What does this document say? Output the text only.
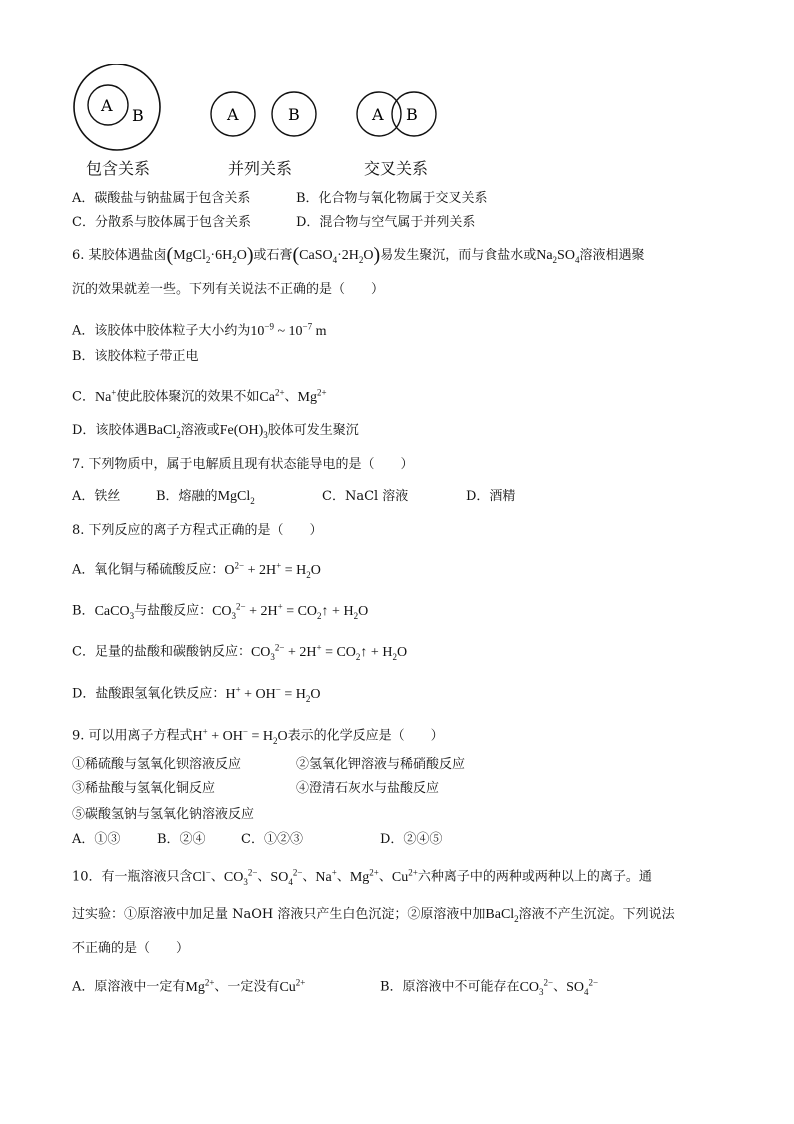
A
B	A	B	A B
包含关系	并列关系	交叉关系
A．碳酸盐与钠盐属于包含关系	B．化合物与氧化物属于交叉关系
C．分散系与胶体属于包含关系	D．混合物与空气属于并列关系
6. 某胶体遇盐卤$(MgCl_2\cdot 6H_2O)$或石膏$(CaSO_4\cdot 2H_2O)$易发生聚沉，而与食盐水或$Na_2SO_4$溶液相遇聚
沉的效果就差一些。下列有关说法不正确的是（　　）
A．该胶体中胶体粒子大小约为$10^{-9}$ ~ $10^{-7}$ m
B．该胶体粒子带正电
C．Na+使此胶体聚沉的效果不如$Ca^{2+}$、$Mg^{2+}$
D．该胶体遇BaCl$_2$溶液或$Fe(OH)_3$胶体可发生聚沉
7. 下列物质中，属于电解质且现有状态能导电的是（　　）
A．铁丝	B．熔融的MgCl$_2$	C．NaCl 溶液	D．酒精
8. 下列反应的离子方程式正确的是（　　）
A．氧化铜与稀硫酸反应：$O^{2-} + 2H^+ = H_2O$
B．CaCO$_3$与盐酸反应：$CO_3^{2-} + 2H^+$ = $CO_2↑ + H_2O$
C．足量的盐酸和碳酸钠反应：$CO_3^{2-} + 2H^+$ = $CO_2↑ + H_2O$
D．盐酸跟氢氧化铁反应：$H^+ + OH^- = H_2O$
9. 可以用离子方程式$H^+ + OH^- = H_2O$表示的化学反应是（　　）
①稀硫酸与氢氧化钡溶液反应	②氢氧化钾溶液与稀硝酸反应
③稀盐酸与氢氧化铜反应	④澄清石灰水与盐酸反应
⑤碳酸氢钠与氢氧化钠溶液反应
A．①③	B．②④	C．①②③	D．②④⑤
10．有一瓶溶液只含Cl−、$CO_3^{2-}$、$SO_4^{2-}$、Na+、$Mg^{2+}$、$Cu^{2+}$六种离子中的两种或两种以上的离子。通
过实验：①原溶液中加足量 NaOH 溶液只产生白色沉淀；②原溶液中加BaCl$_2$溶液不产生沉淀。下列说法
不正确的是（　　）
A．原溶液中一定有$Mg^{2+}$、一定没有$Cu^{2+}$	B．原溶液中不可能存在$CO_3^{2-}$、$SO_4^{2-}$
